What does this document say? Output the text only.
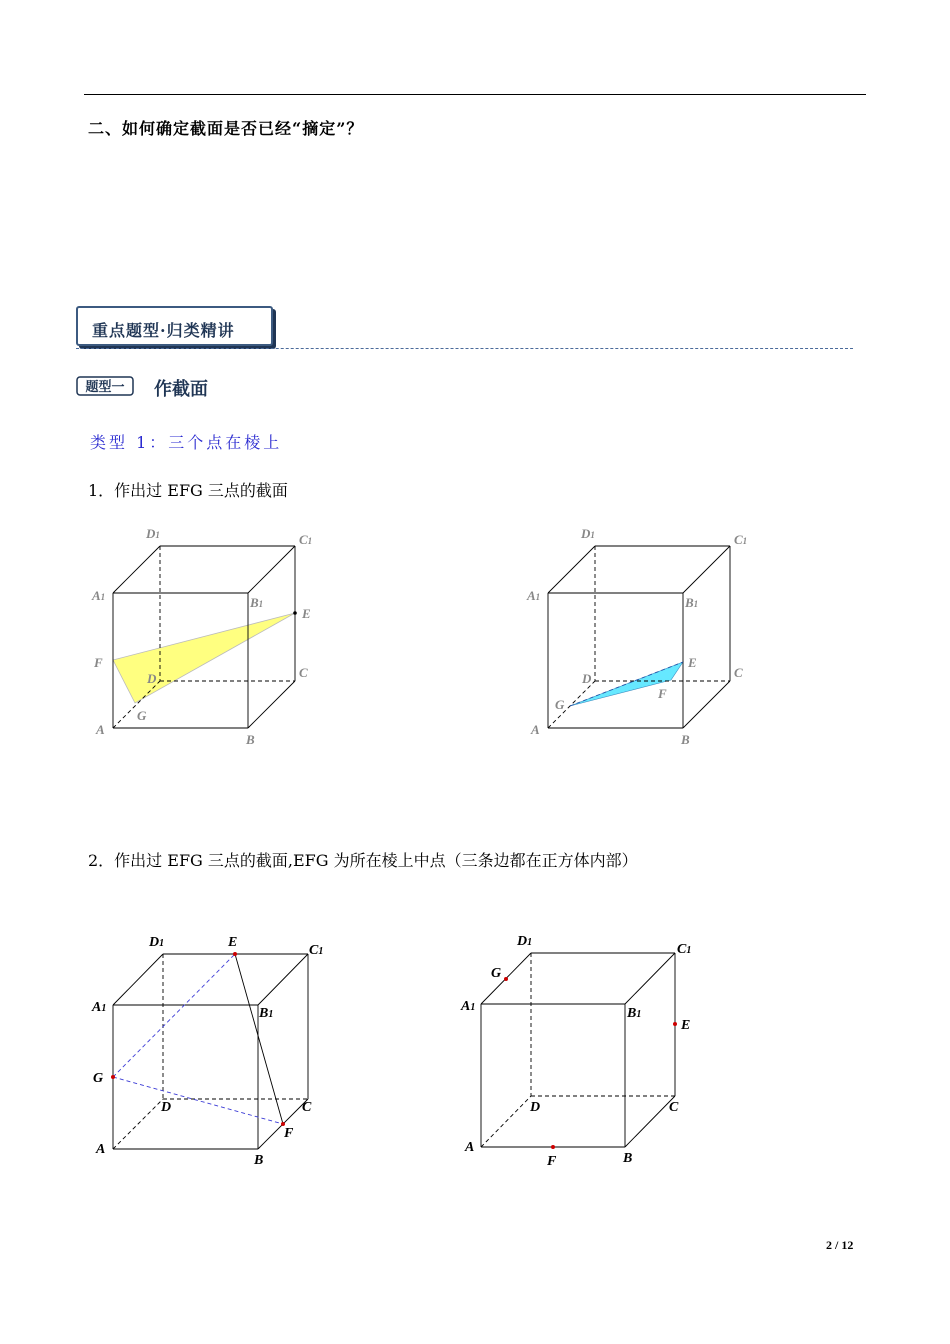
二、如何确定截面是否已经“摘定”？
重点题型·归类精讲
题型一 作截面
类型 1：三个点在棱上
1．作出过 EFG 三点的截面
D1	C1
A1	B1
E
F
C
D
G
A
B
D1	C1
A1	B1
E
C
D
F
G
A
B
2．作出过 EFG 三点的截面,EFG 为所在棱上中点（三条边都在正方体内部）
D1	E
C1
A1	B1
G
D	C
F
A
B
D1	C1
G
A1	B1
E
D	C
A
B
F
2 / 12
